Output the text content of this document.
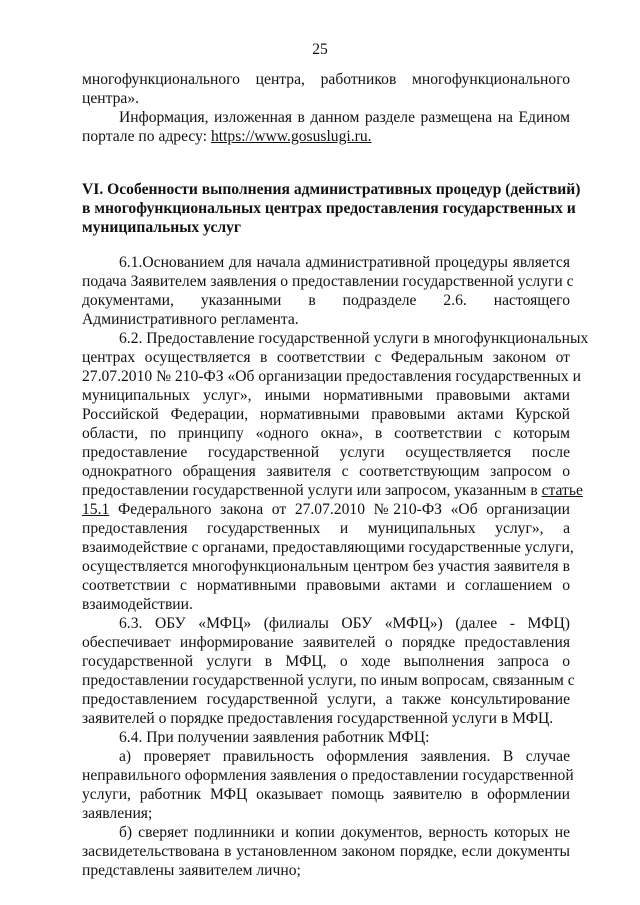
25
многофункционального центра, работников многофункционального
центра».
Информация, изложенная в данном разделе размещена на Едином
порталe по адресу: https://www.gosuslugi.ru.
VI. Особенности выполнения административных процедур (действий)
в многофункциональных центрах предоставления государственных и
муниципальных услуг
6.1.Основанием для начала административной процедуры является
подача Заявителем заявления о предоставлении государственной услуги с
документами, указанными в подразделе 2.6. настоящего
Административного регламента.
6.2. Предоставление государственной услуги в многофункциональных
центрах осуществляется в соответствии с Федеральным законом от
27.07.2010 № 210-ФЗ «Об организации предоставления государственных и
муниципальных услуг», иными нормативными правовыми актами
Российской Федерации, нормативными правовыми актами Курской
области, по принципу «одного окна», в соответствии с которым
предоставление государственной услуги осуществляется после
однократного обращения заявителя с соответствующим запросом о
предоставлении государственной услуги или запросом, указанным в статье
15.1 Федерального закона от 27.07.2010 №210-ФЗ «Об организации
предоставления государственных и муниципальных услуг», а
взаимодействие с органами, предоставляющими государственные услуги,
осуществляется многофункциональным центром без участия заявителя в
соответствии с нормативными правовыми актами и соглашением о
взаимодействии.
6.3. ОБУ «МФЦ» (филиалы ОБУ «МФЦ») (далее - МФЦ)
обеспечивает информирование заявителей о порядке предоставления
государственной услуги в МФЦ, о ходе выполнения запроса о
предоставлении государственной услуги, по иным вопросам, связанным с
предоставлением государственной услуги, а также консультирование
заявителей о порядке предоставления государственной услуги в МФЦ.
6.4. При получении заявления работник МФЦ:
а) проверяет правильность оформления заявления. В случае
неправильного оформления заявления о предоставлении государственной
услуги, работник МФЦ оказывает помощь заявителю в оформлении
заявления;
б) сверяет подлинники и копии документов, верность которых не
засвидетельствована в установленном законом порядке, если документы
представлены заявителем лично;
